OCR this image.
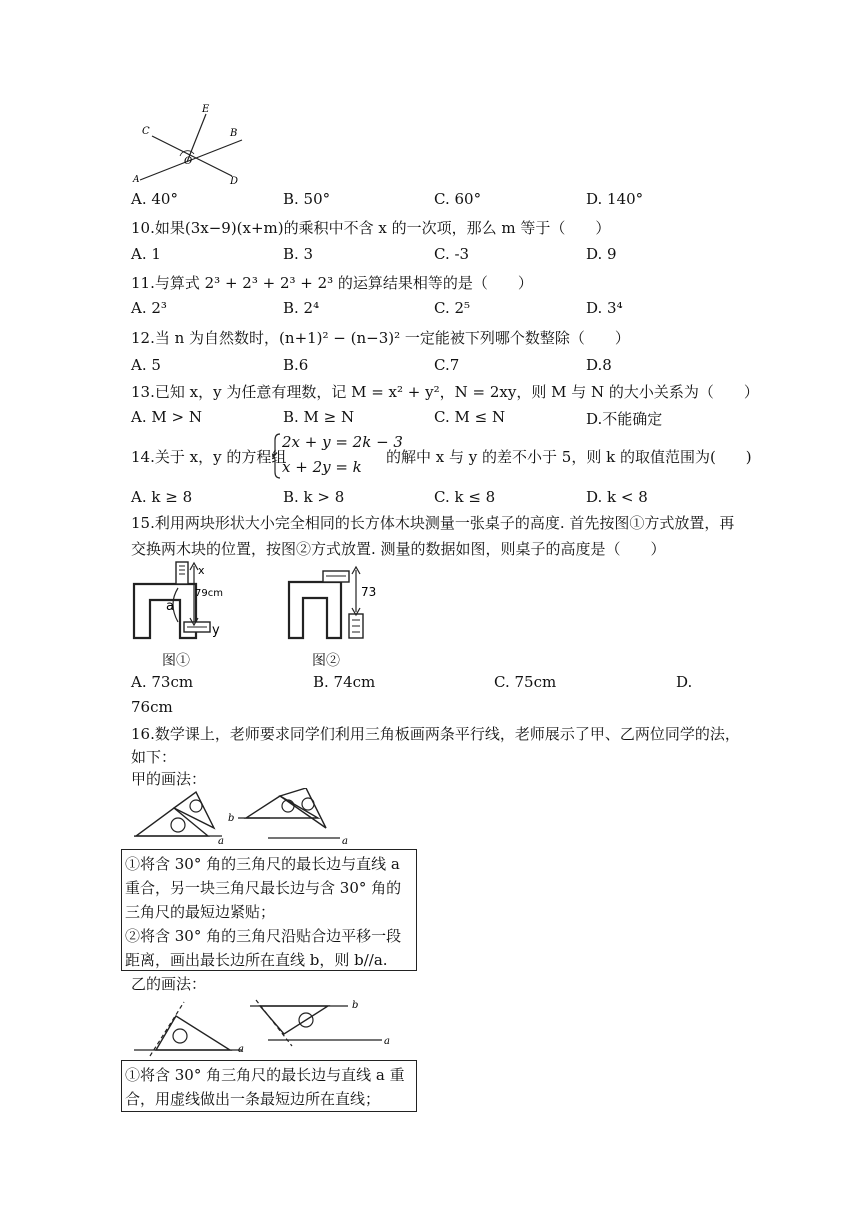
C
E
B
A
O
D
A. 40°	B. 50°	C. 60°	D. 140°
10.如果(3x−9)(x+m)的乘积中不含 x 的一次项，那么 m 等于（　　）
A. 1	B. 3	C. -3	D. 9
11.与算式 2³ + 2³ + 2³ + 2³ 的运算结果相等的是（　　）
A. 2³	B. 2⁴	C. 2⁵	D. 3⁴
12.当 n 为自然数时，(n+1)² − (n−3)² 一定能被下列哪个数整除（　　）
A. 5	B.6	C.7	D.8
13.已知 x，y 为任意有理数，记 M = x² + y²，N = 2xy，则 M 与 N 的大小关系为（　　）
A. M > N	B. M ≥ N	C. M ≤ N	D.不能确定
14.关于 x，y 的方程组
2x + y = 2k − 3
x + 2y = k
的解中 x 与 y 的差不小于 5，则 k 的取值范围为(　　)
A. k ≥ 8	B. k > 8	C. k ≤ 8	D. k < 8
15.利用两块形状大小完全相同的长方体木块测量一张桌子的高度. 首先按图①方式放置，再
交换两木块的位置，按图②方式放置. 测量的数据如图，则桌子的高度是（　　）
79cm
x
a
y
73
图①	图②
A. 73cm	B. 74cm	C. 75cm	D.
76cm
16.数学课上，老师要求同学们利用三角板画两条平行线，老师展示了甲、乙两位同学的法，
如下：
甲的画法：
a
b
a

①将含 30° 角的三角尺的最长边与直线 a

重合，另一块三角尺最长边与含 30° 角的

三角尺的最短边紧贴；

②将含 30° 角的三角尺沿贴合边平移一段

距离，画出最长边所在直线 b，则 b//a.

乙的画法：
a
b
a

①将含 30° 角三角尺的最长边与直线 a 重

合，用虚线做出一条最短边所在直线；
